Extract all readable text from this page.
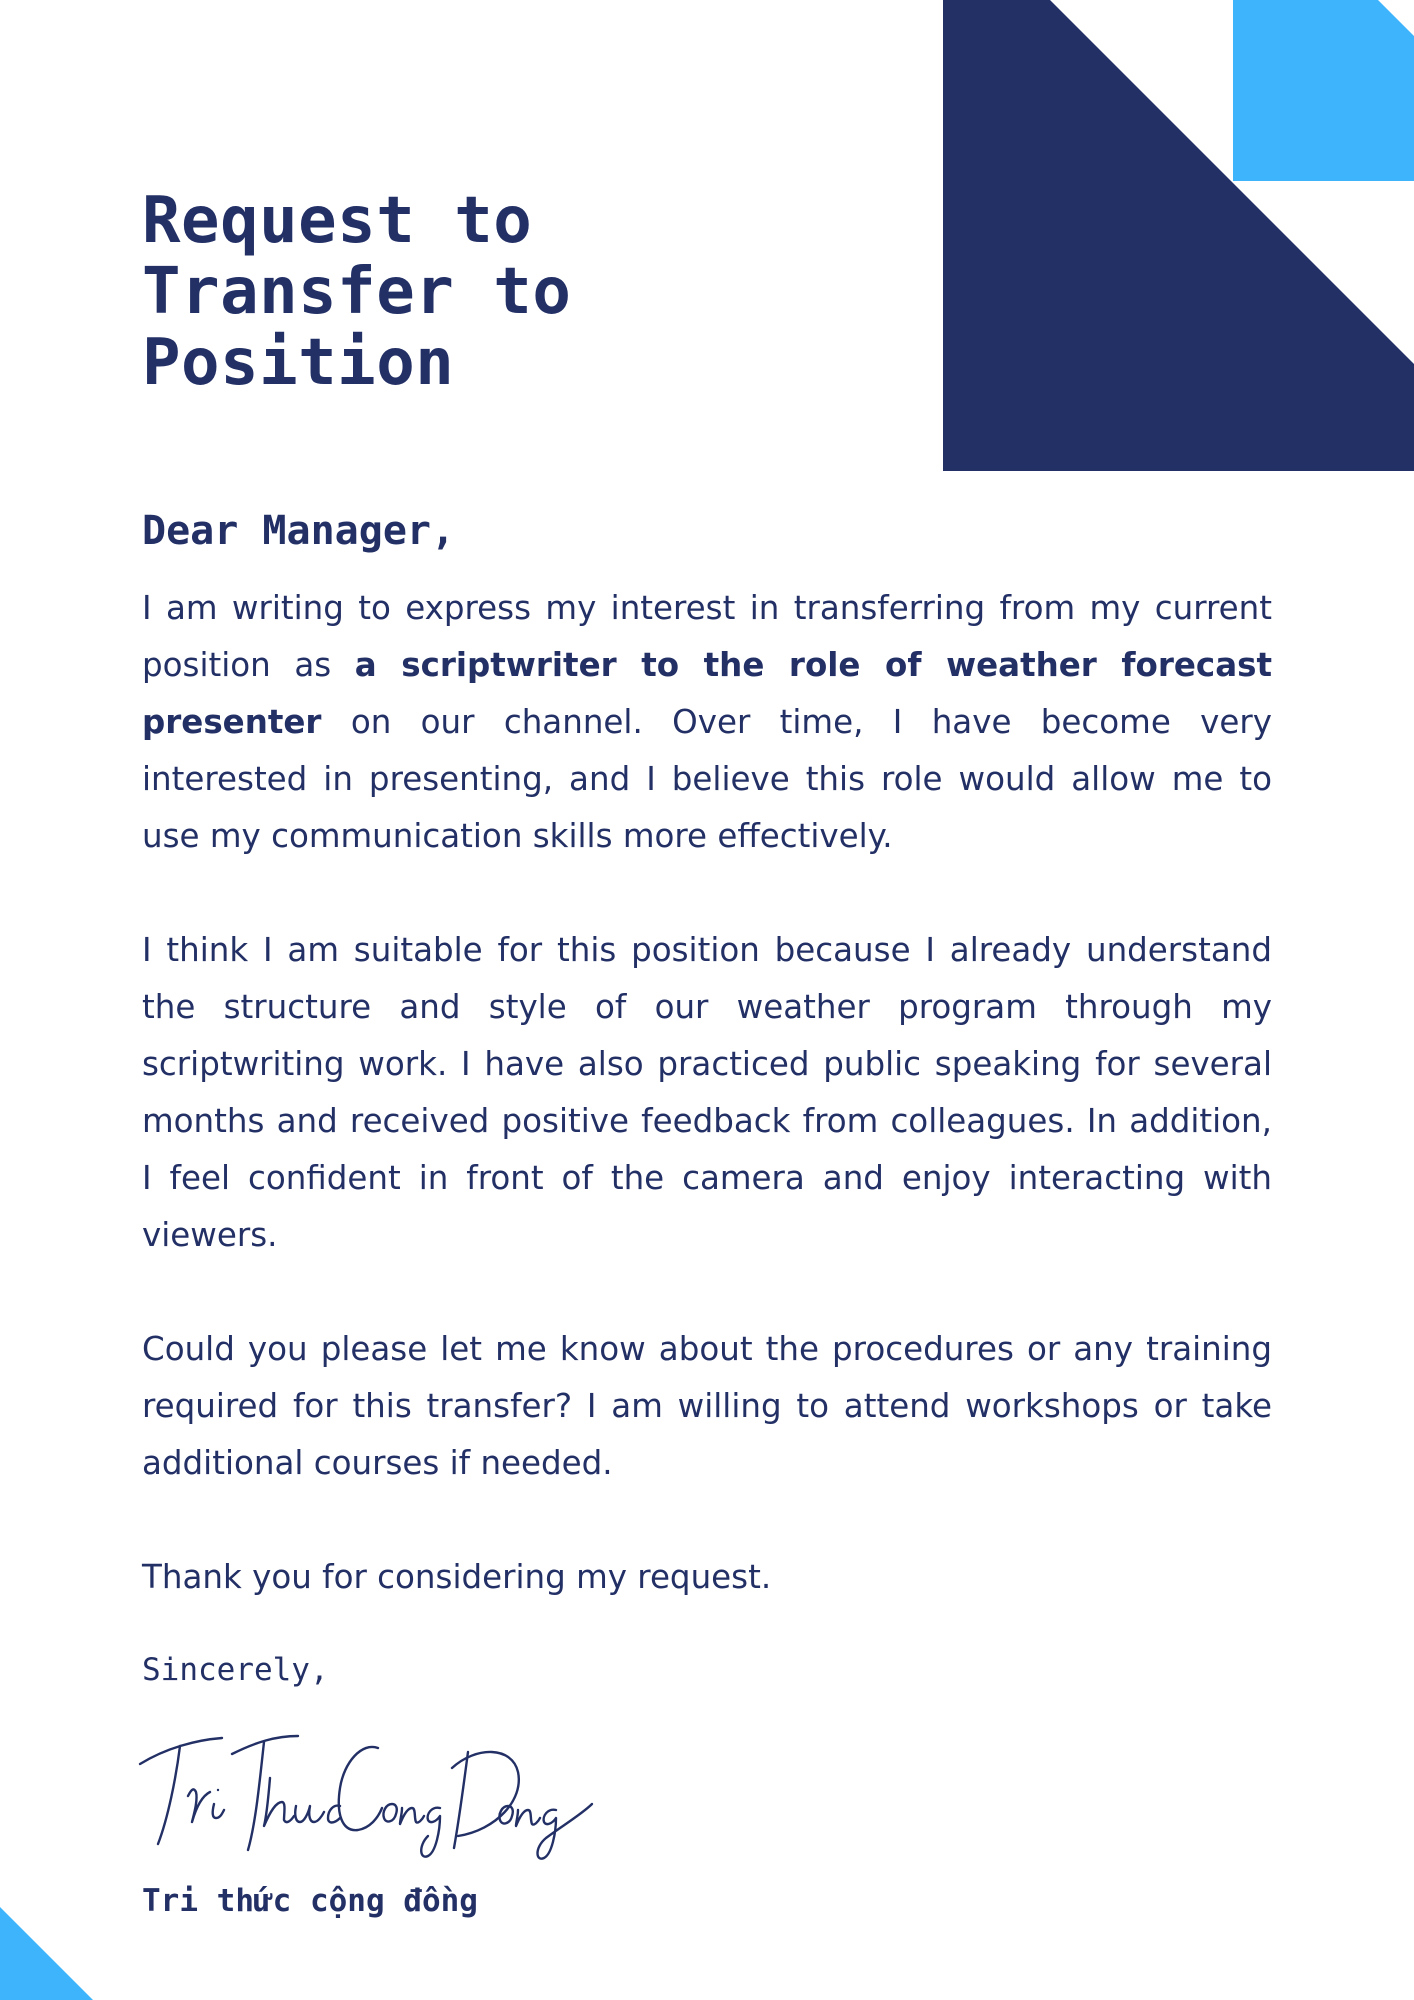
Request to
Transfer to
Position

Dear Manager,

I am writing to express my interest in transferring from my current position as a scriptwriter to the role of weather forecast presenter on our channel. Over time, I have become very interested in presenting, and I believe this role would allow me to use my communication skills more effectively.

I think I am suitable for this position because I already understand the structure and style of our weather program through my scriptwriting work. I have also practiced public speaking for several months and received positive feedback from colleagues. In addition, I feel confident in front of the camera and enjoy interacting with viewers.

Could you please let me know about the procedures or any training required for this transfer? I am willing to attend workshops or take additional courses if needed.

Thank you for considering my request.

Sincerely,

Tri thức cộng đồng
